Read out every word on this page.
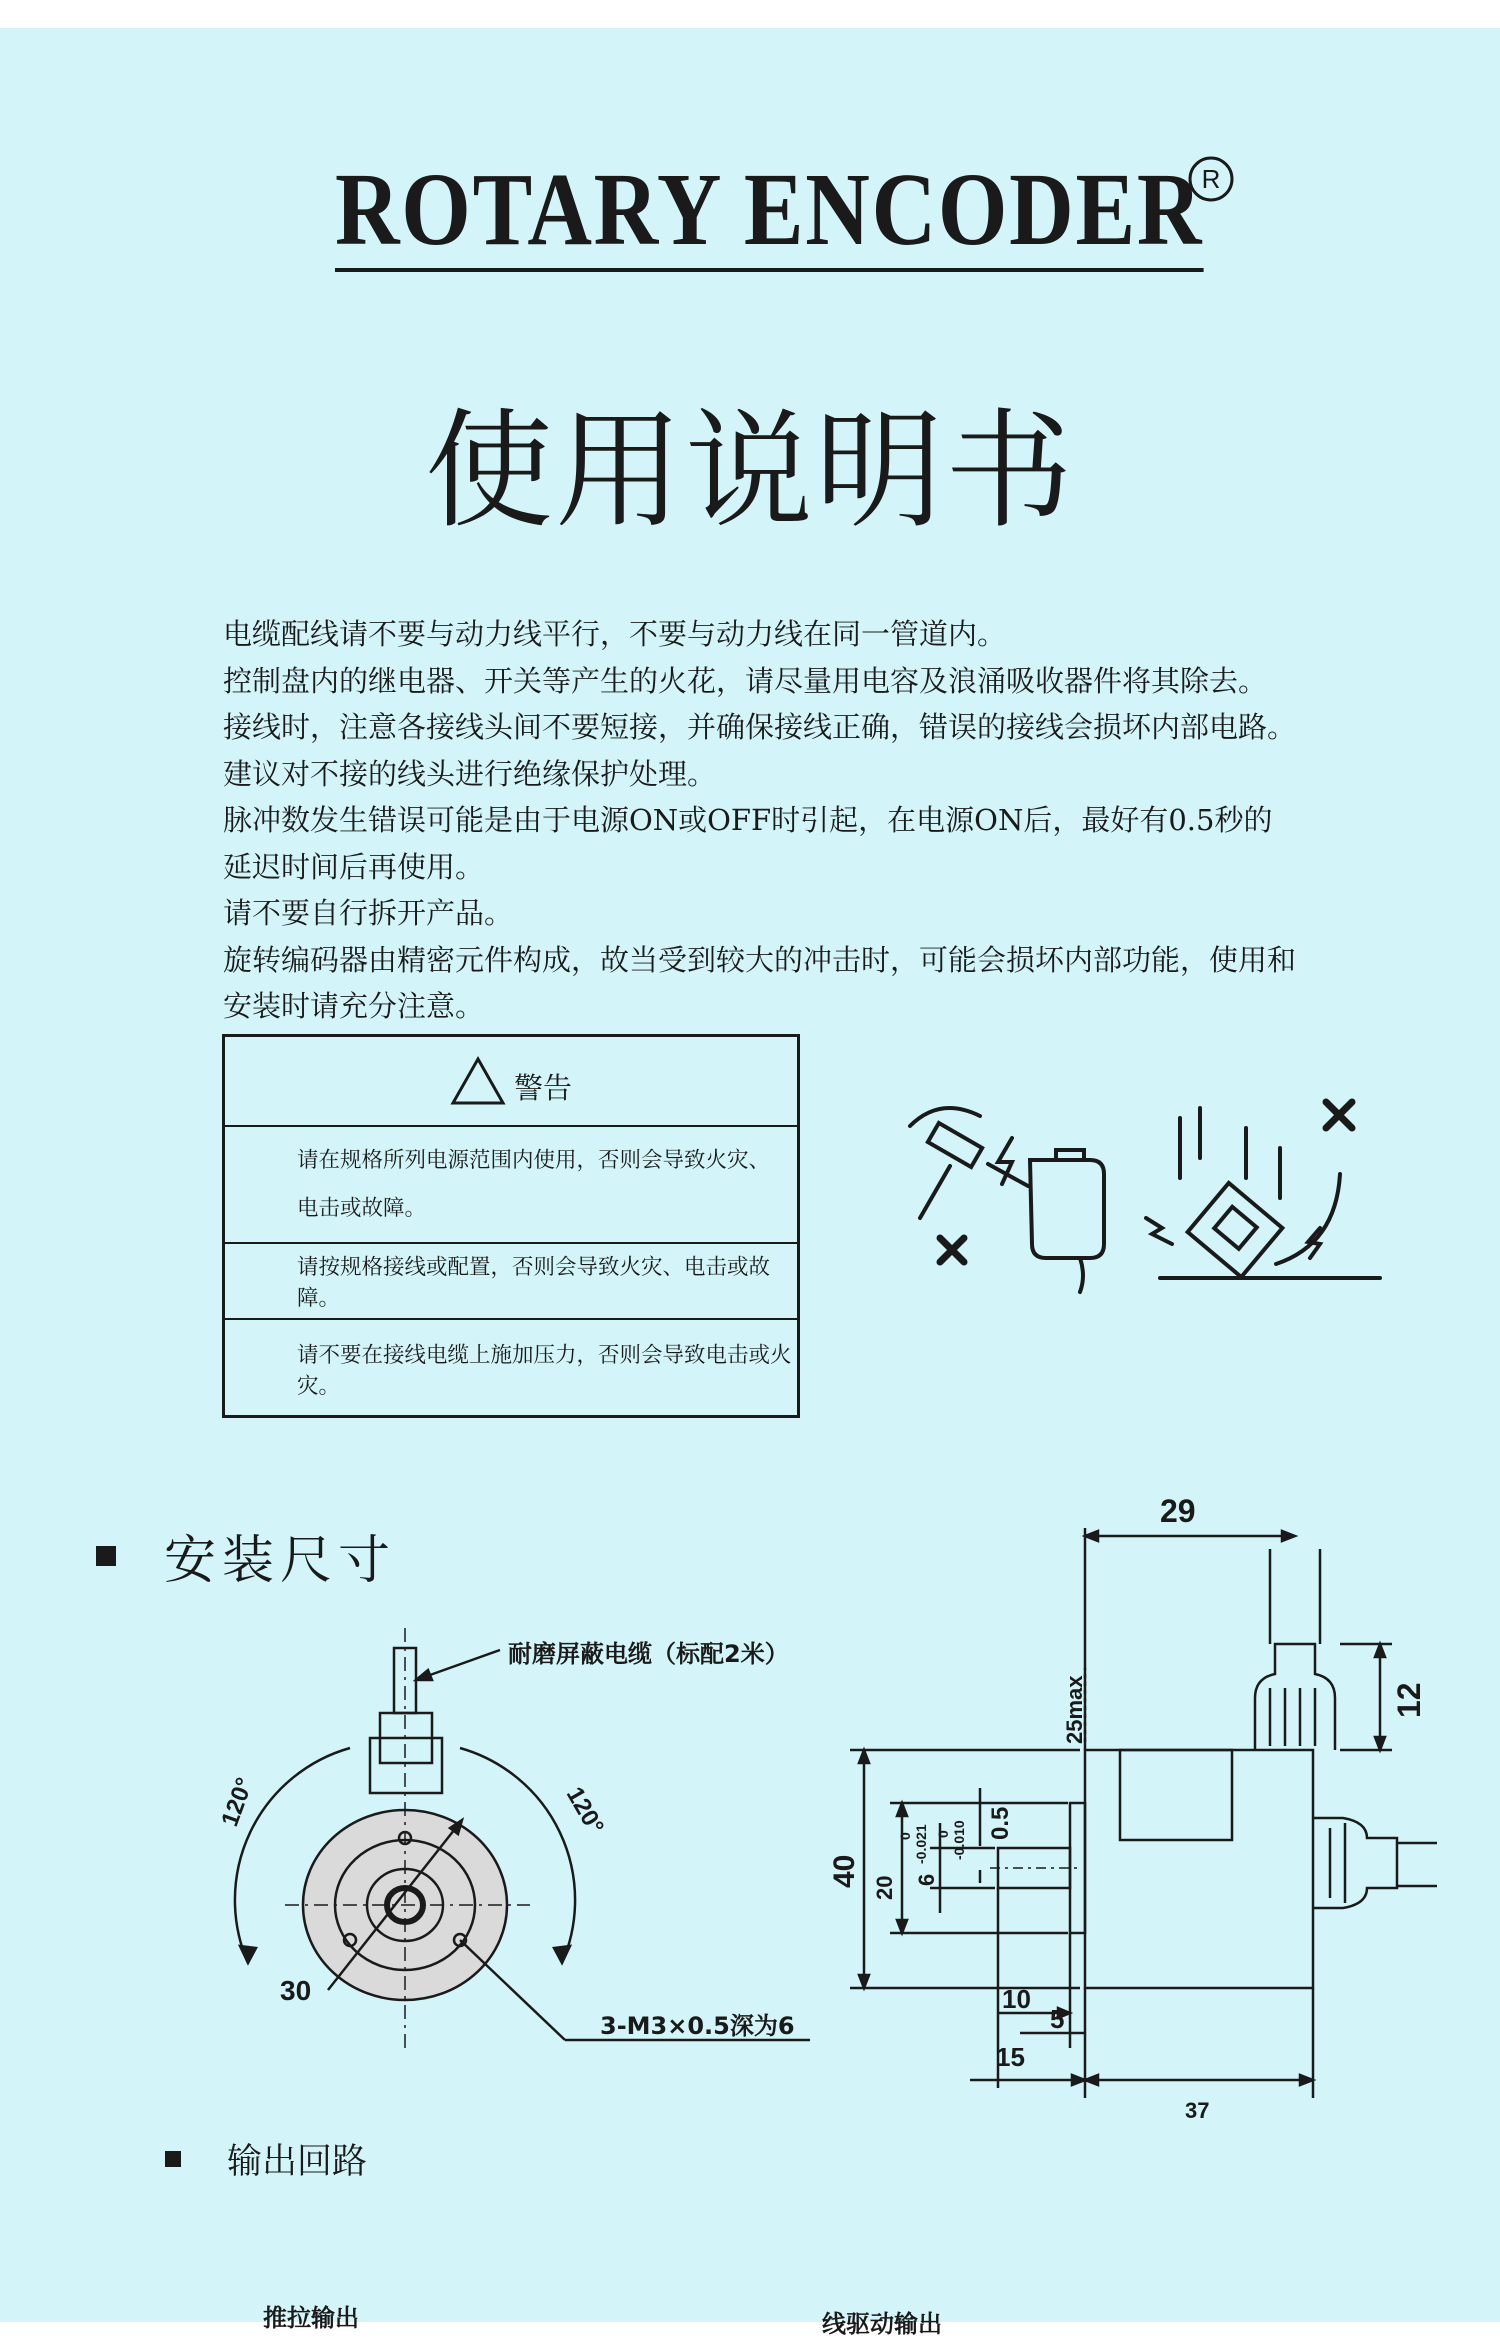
ROTARY ENCODER
R
使用说明书

电缆配线请不要与动力线平行，不要与动力线在同一管道内。

控制盘内的继电器、开关等产生的火花，请尽量用电容及浪涌吸收器件将其除去。

接线时，注意各接线头间不要短接，并确保接线正确，错误的接线会损坏内部电路。

建议对不接的线头进行绝缘保护处理。

脉冲数发生错误可能是由于电源ON或OFF时引起，在电源ON后，最好有0.5秒的

延迟时间后再使用。

请不要自行拆开产品。

旋转编码器由精密元件构成，故当受到较大的冲击时，可能会损坏内部功能，使用和

安装时请充分注意。

警告
请在规格所列电源范围内使用，否则会导致火灾、电击或故障。
请按规格接线或配置，否则会导致火灾、电击或故障。
请不要在接线电缆上施加压力，否则会导致电击或火灾。
安装尺寸
耐磨屏蔽电缆（标配2米）
120°	120°
30
3-M3×0.5深为6
29
12
25max
40 20
0 -0.021
6
0 -0.010 0.5
10
5
15
37
输出回路
推拉输出	线驱动输出
